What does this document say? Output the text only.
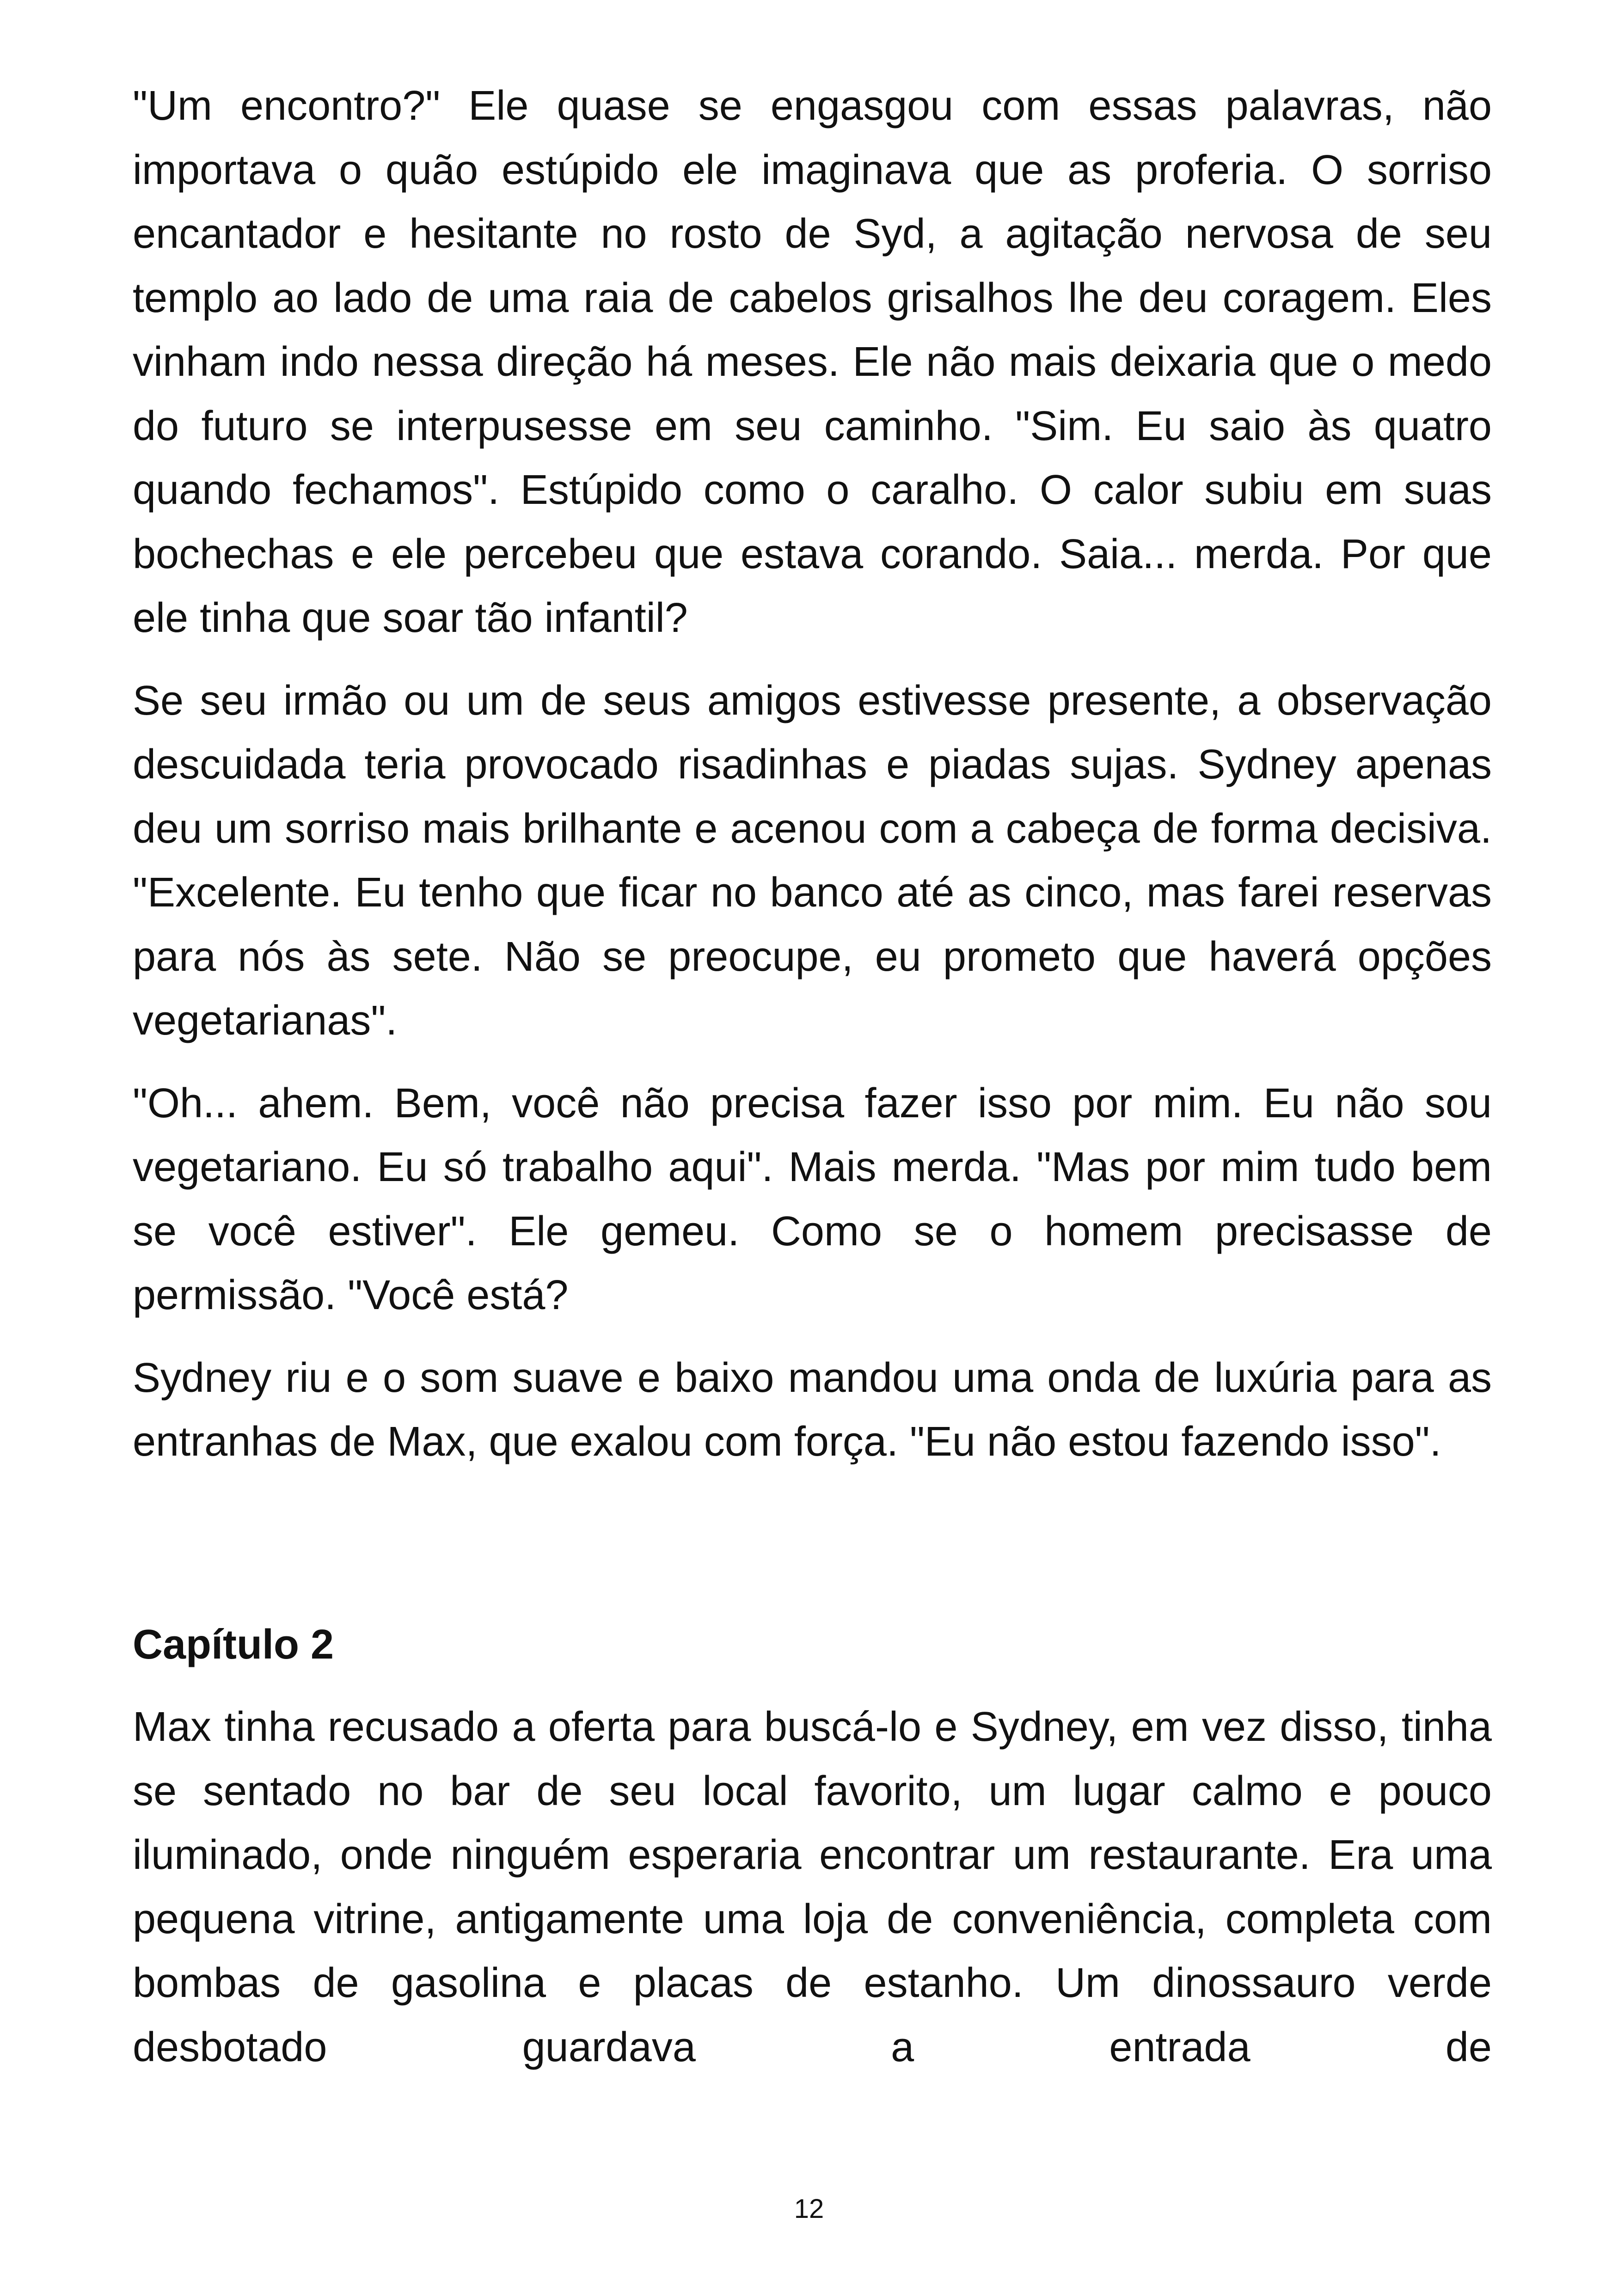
"Um encontro?" Ele quase se engasgou com essas palavras, não importava o quão estúpido ele imaginava que as proferia. O sorriso encantador e hesitante no rosto de Syd, a agitação nervosa de seu templo ao lado de uma raia de cabelos grisalhos lhe deu coragem. Eles vinham indo nessa direção há meses. Ele não mais deixaria que o medo do futuro se interpusesse em seu caminho. "Sim. Eu saio às quatro quando fechamos". Estúpido como o caralho. O calor subiu em suas bochechas e ele percebeu que estava corando. Saia... merda. Por que ele tinha que soar tão infantil?

Se seu irmão ou um de seus amigos estivesse presente, a observação descuidada teria provocado risadinhas e piadas sujas. Sydney apenas deu um sorriso mais brilhante e acenou com a cabeça de forma decisiva. "Excelente. Eu tenho que ficar no banco até as cinco, mas farei reservas para nós às sete. Não se preocupe, eu prometo que haverá opções vegetarianas".

"Oh... ahem. Bem, você não precisa fazer isso por mim. Eu não sou vegetariano. Eu só trabalho aqui". Mais merda. "Mas por mim tudo bem se você estiver". Ele gemeu. Como se o homem precisasse de permissão. "Você está?

Sydney riu e o som suave e baixo mandou uma onda de luxúria para as entranhas de Max, que exalou com força. "Eu não estou fazendo isso".

Capítulo 2

Max tinha recusado a oferta para buscá-lo e Sydney, em vez disso, tinha se sentado no bar de seu local favorito, um lugar calmo e pouco iluminado, onde ninguém esperaria encontrar um restaurante. Era uma pequena vitrine, antigamente uma loja de conveniência, completa com bombas de gasolina e placas de estanho. Um dinossauro verde desbotado guardava a entrada de

12
